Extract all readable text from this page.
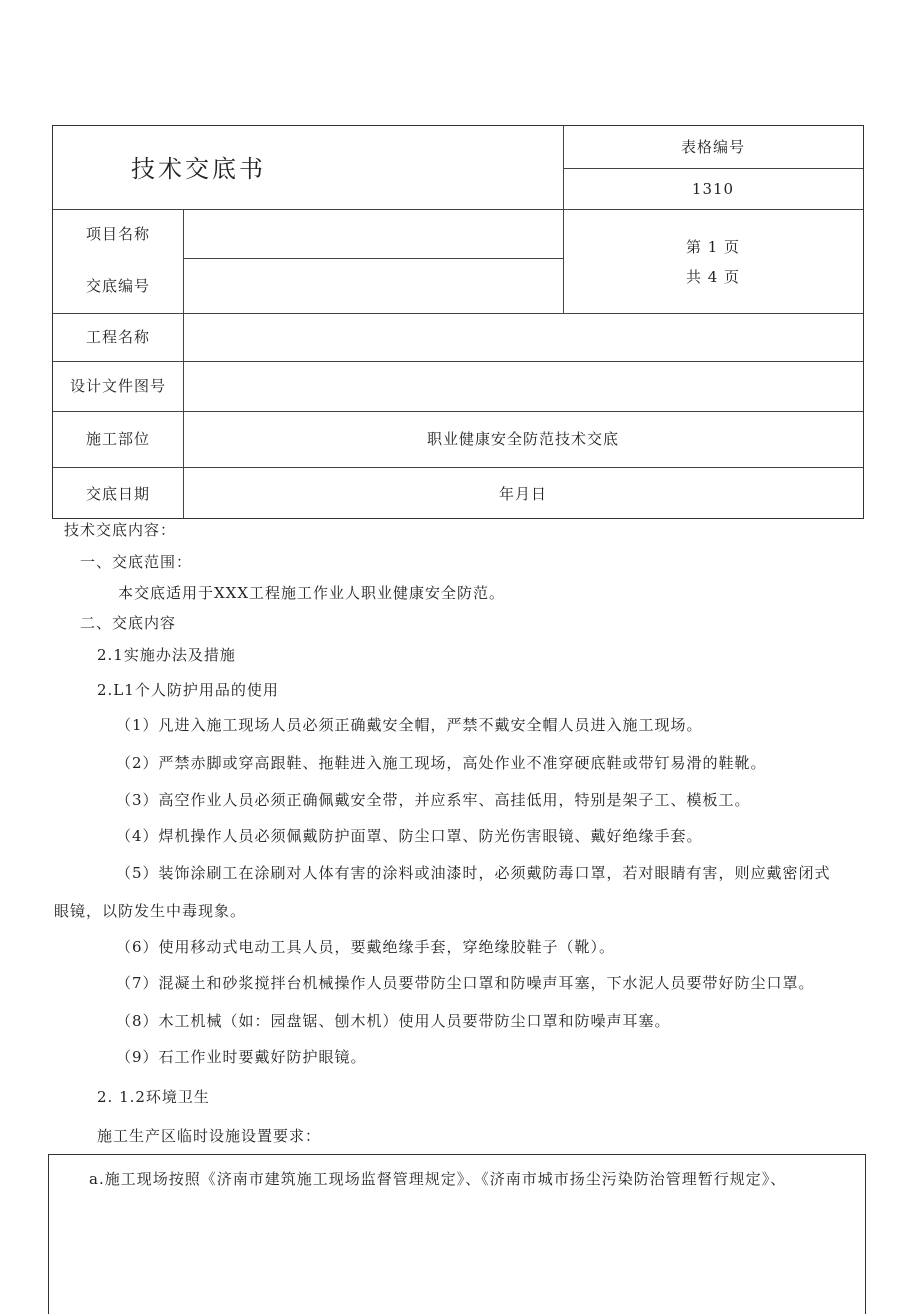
技术交底书
表格编号
1310
第 1 页
共 4 页
项目名称
交底编号
工程名称
设计文件图号
施工部位	职业健康安全防范技术交底
交底日期	年月日
技术交底内容：
一、交底范围：
本交底适用于XXX工程施工作业人职业健康安全防范。
二、交底内容
2.1实施办法及措施
2.L1个人防护用品的使用
（1）凡进入施工现场人员必须正确戴安全帽，严禁不戴安全帽人员进入施工现场。
（2）严禁赤脚或穿高跟鞋、拖鞋进入施工现场，高处作业不准穿硬底鞋或带钉易滑的鞋靴。
（3）高空作业人员必须正确佩戴安全带，并应系牢、高挂低用，特别是架子工、模板工。
（4）焊机操作人员必须佩戴防护面罩、防尘口罩、防光伤害眼镜、戴好绝缘手套。
（5）装饰涂刷工在涂刷对人体有害的涂料或油漆时，必须戴防毒口罩，若对眼睛有害，则应戴密闭式
眼镜，以防发生中毒现象。
（6）使用移动式电动工具人员，要戴绝缘手套，穿绝缘胶鞋子（靴）。
（7）混凝土和砂浆搅拌台机械操作人员要带防尘口罩和防噪声耳塞，下水泥人员要带好防尘口罩。
（8）木工机械（如：园盘锯、刨木机）使用人员要带防尘口罩和防噪声耳塞。
（9）石工作业时要戴好防护眼镜。
2. 1.2环境卫生
施工生产区临时设施设置要求：
a.施工现场按照《济南市建筑施工现场监督管理规定》、《济南市城市扬尘污染防治管理暂行规定》、
